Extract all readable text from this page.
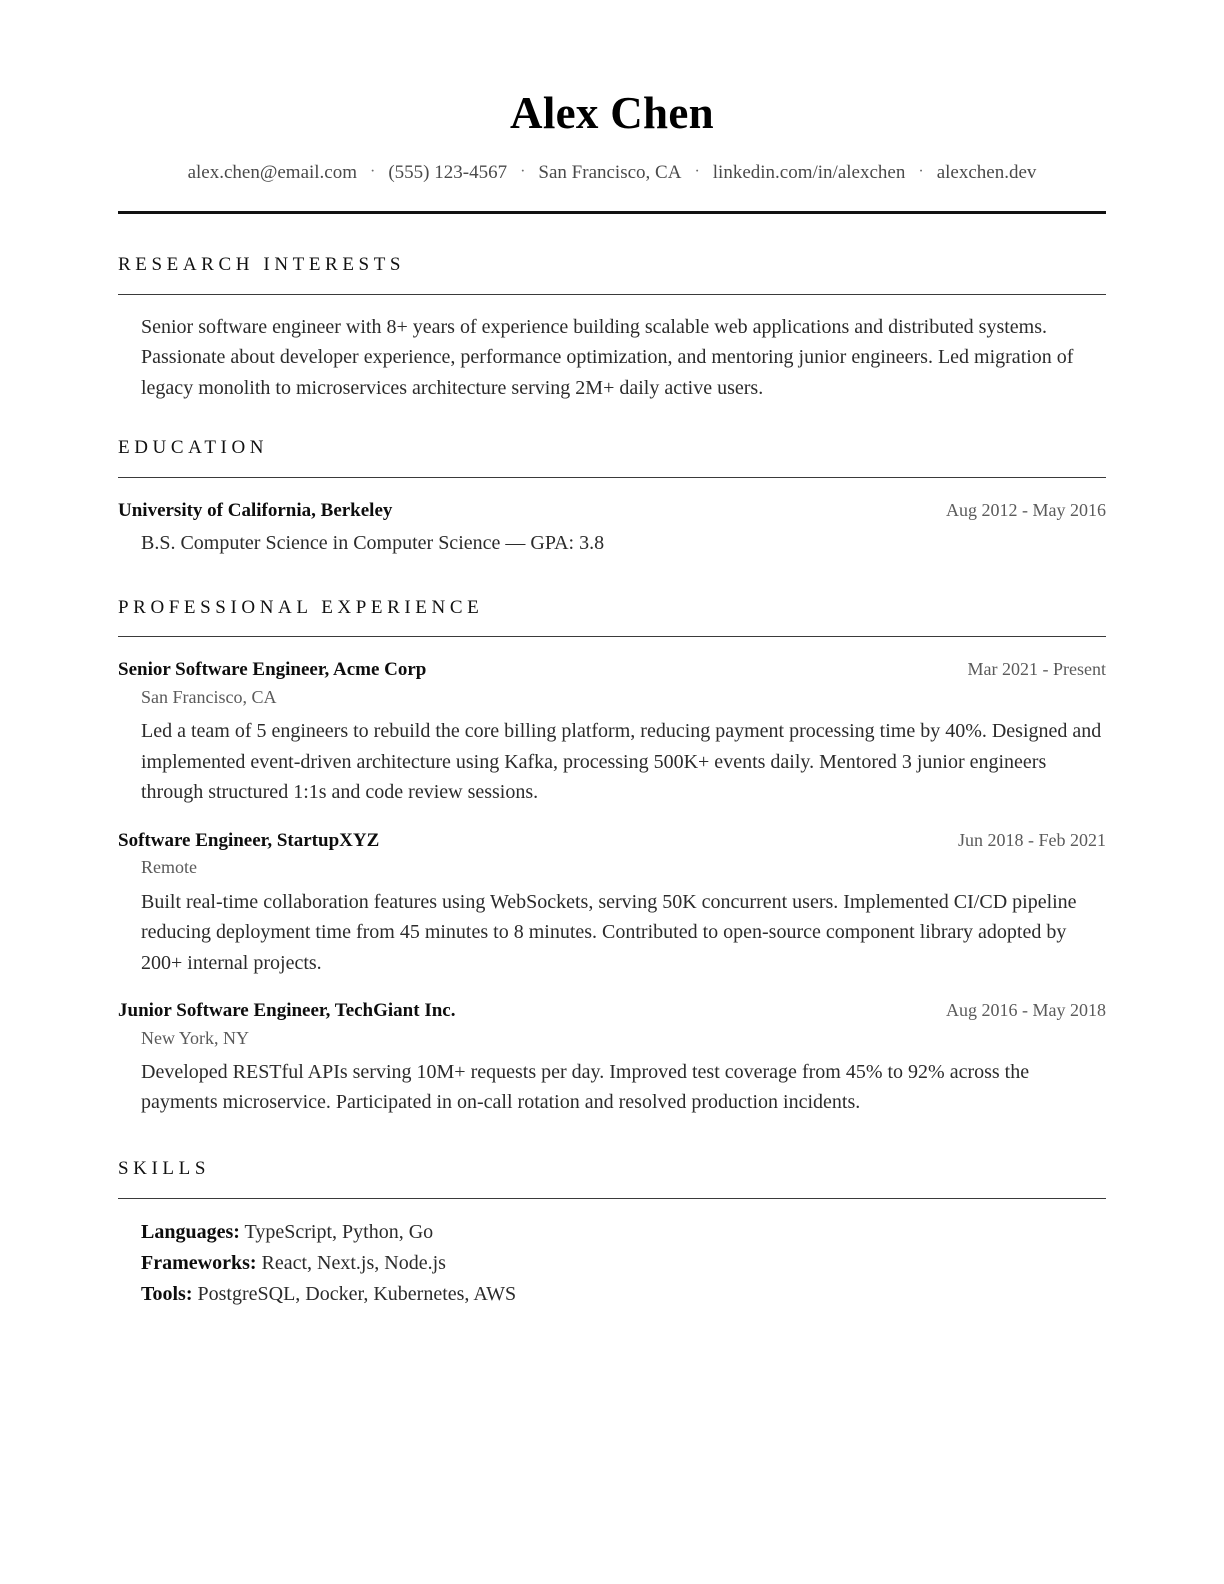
Alex Chen
alex.chen@email.com · (555) 123-4567 · San Francisco, CA · linkedin.com/in/alexchen · alexchen.dev
RESEARCH INTERESTS

Senior software engineer with 8+ years of experience building scalable web applications and distributed systems. Passionate about developer experience, performance optimization, and mentoring junior engineers. Led migration of legacy monolith to microservices architecture serving 2M+ daily active users.

EDUCATION
University of California, Berkeley	Aug 2012 - May 2016
B.S. Computer Science in Computer Science — GPA: 3.8
PROFESSIONAL EXPERIENCE
Senior Software Engineer, Acme Corp	Mar 2021 - Present
San Francisco, CA
Led a team of 5 engineers to rebuild the core billing platform, reducing payment processing time by 40%. Designed and implemented event-driven architecture using Kafka, processing 500K+ events daily. Mentored 3 junior engineers through structured 1:1s and code review sessions.
Software Engineer, StartupXYZ	Jun 2018 - Feb 2021
Remote
Built real-time collaboration features using WebSockets, serving 50K concurrent users. Implemented CI/CD pipeline reducing deployment time from 45 minutes to 8 minutes. Contributed to open-source component library adopted by 200+ internal projects.
Junior Software Engineer, TechGiant Inc.	Aug 2016 - May 2018
New York, NY
Developed RESTful APIs serving 10M+ requests per day. Improved test coverage from 45% to 92% across the payments microservice. Participated in on-call rotation and resolved production incidents.
SKILLS
Languages: TypeScript, Python, Go
Frameworks: React, Next.js, Node.js
Tools: PostgreSQL, Docker, Kubernetes, AWS
